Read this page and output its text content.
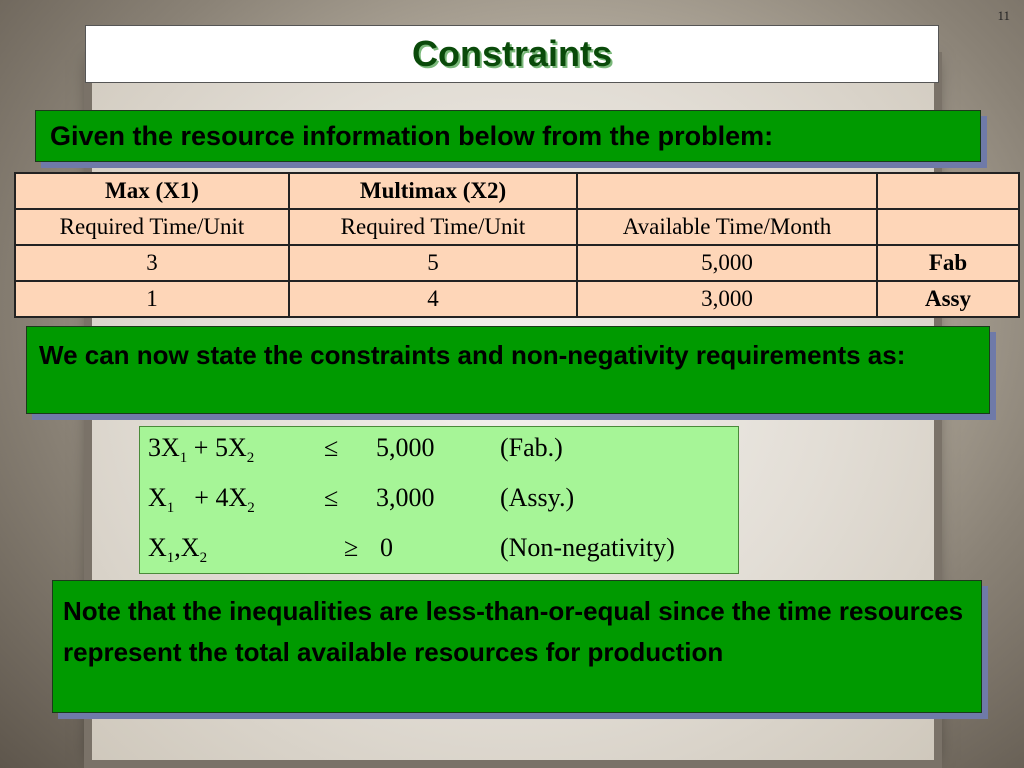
11
Constraints
Given the resource information below from the problem:
Max (X1)	Multimax (X2)		
Required Time/Unit	Required Time/Unit	Available Time/Month	
3	5	5,000	Fab
1	4	3,000	Assy
We can now state the constraints and non-negativity requirements as:
$3X_1 + 5X_2$	≤ 5,000	(Fab.)
$X_1 + 4X_2$	≤ 3,000	(Assy.)
$X_1,X_2$	≥ 0	(Non-negativity)
Note that the inequalities are less-than-or-equal since the time resources represent the total available resources for production
